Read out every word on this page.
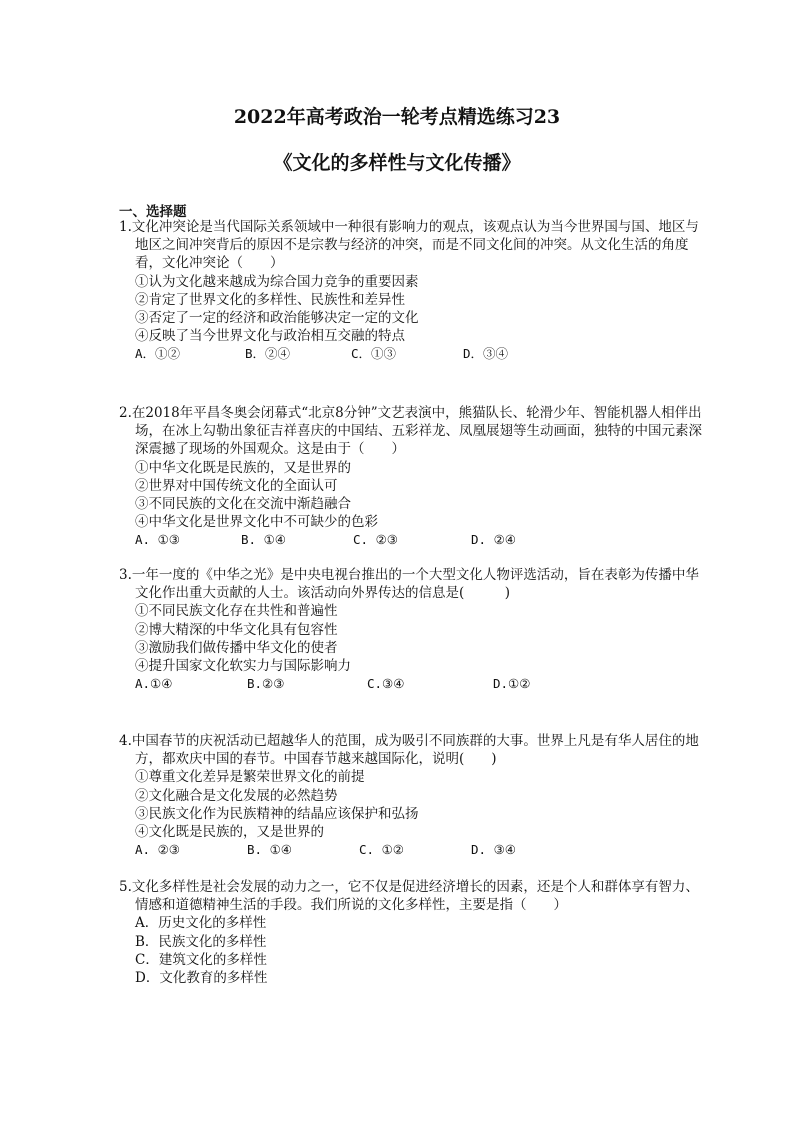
2022年高考政治一轮考点精选练习23
《文化的多样性与文化传播》
一、选择题
1.文化冲突论是当代国际关系领域中一种很有影响力的观点，该观点认为当今世界国与国、地区与地区之间冲突背后的原因不是宗教与经济的冲突，而是不同文化间的冲突。从文化生活的角度看，文化冲突论（　　）
①认为文化越来越成为综合国力竞争的重要因素
②肯定了世界文化的多样性、民族性和差异性
③否定了一定的经济和政治能够决定一定的文化
④反映了当今世界文化与政治相互交融的特点
A．①②	B．②④	C．①③	D．③④
2.在2018年平昌冬奥会闭幕式“北京8分钟”文艺表演中，熊猫队长、轮滑少年、智能机器人相伴出场，在冰上勾勒出象征吉祥喜庆的中国结、五彩祥龙、凤凰展翅等生动画面，独特的中国元素深深震撼了现场的外国观众。这是由于（　　）
①中华文化既是民族的，又是世界的
②世界对中国传统文化的全面认可
③不同民族的文化在交流中渐趋融合
④中华文化是世界文化中不可缺少的色彩
A. ①③	B. ①④	C. ②③	D. ②④
3.一年一度的《中华之光》是中央电视台推出的一个大型文化人物评选活动，旨在表彰为传播中华文化作出重大贡献的人士。该活动向外界传达的信息是(　　　)
①不同民族文化存在共性和普遍性
②博大精深的中华文化具有包容性
③激励我们做传播中华文化的使者
④提升国家文化软实力与国际影响力
A.①④	B.②③	C.③④	D.①②
4.中国春节的庆祝活动已超越华人的范围，成为吸引不同族群的大事。世界上凡是有华人居住的地方，都欢庆中国的春节。中国春节越来越国际化，说明(　　)
①尊重文化差异是繁荣世界文化的前提
②文化融合是文化发展的必然趋势
③民族文化作为民族精神的结晶应该保护和弘扬
④文化既是民族的，又是世界的
A. ②③	B. ①④	C. ①②	D. ③④
5.文化多样性是社会发展的动力之一，它不仅是促进经济增长的因素，还是个人和群体享有智力、情感和道德精神生活的手段。我们所说的文化多样性，主要是指（　　）
A．历史文化的多样性
B．民族文化的多样性
C．建筑文化的多样性
D．文化教育的多样性
